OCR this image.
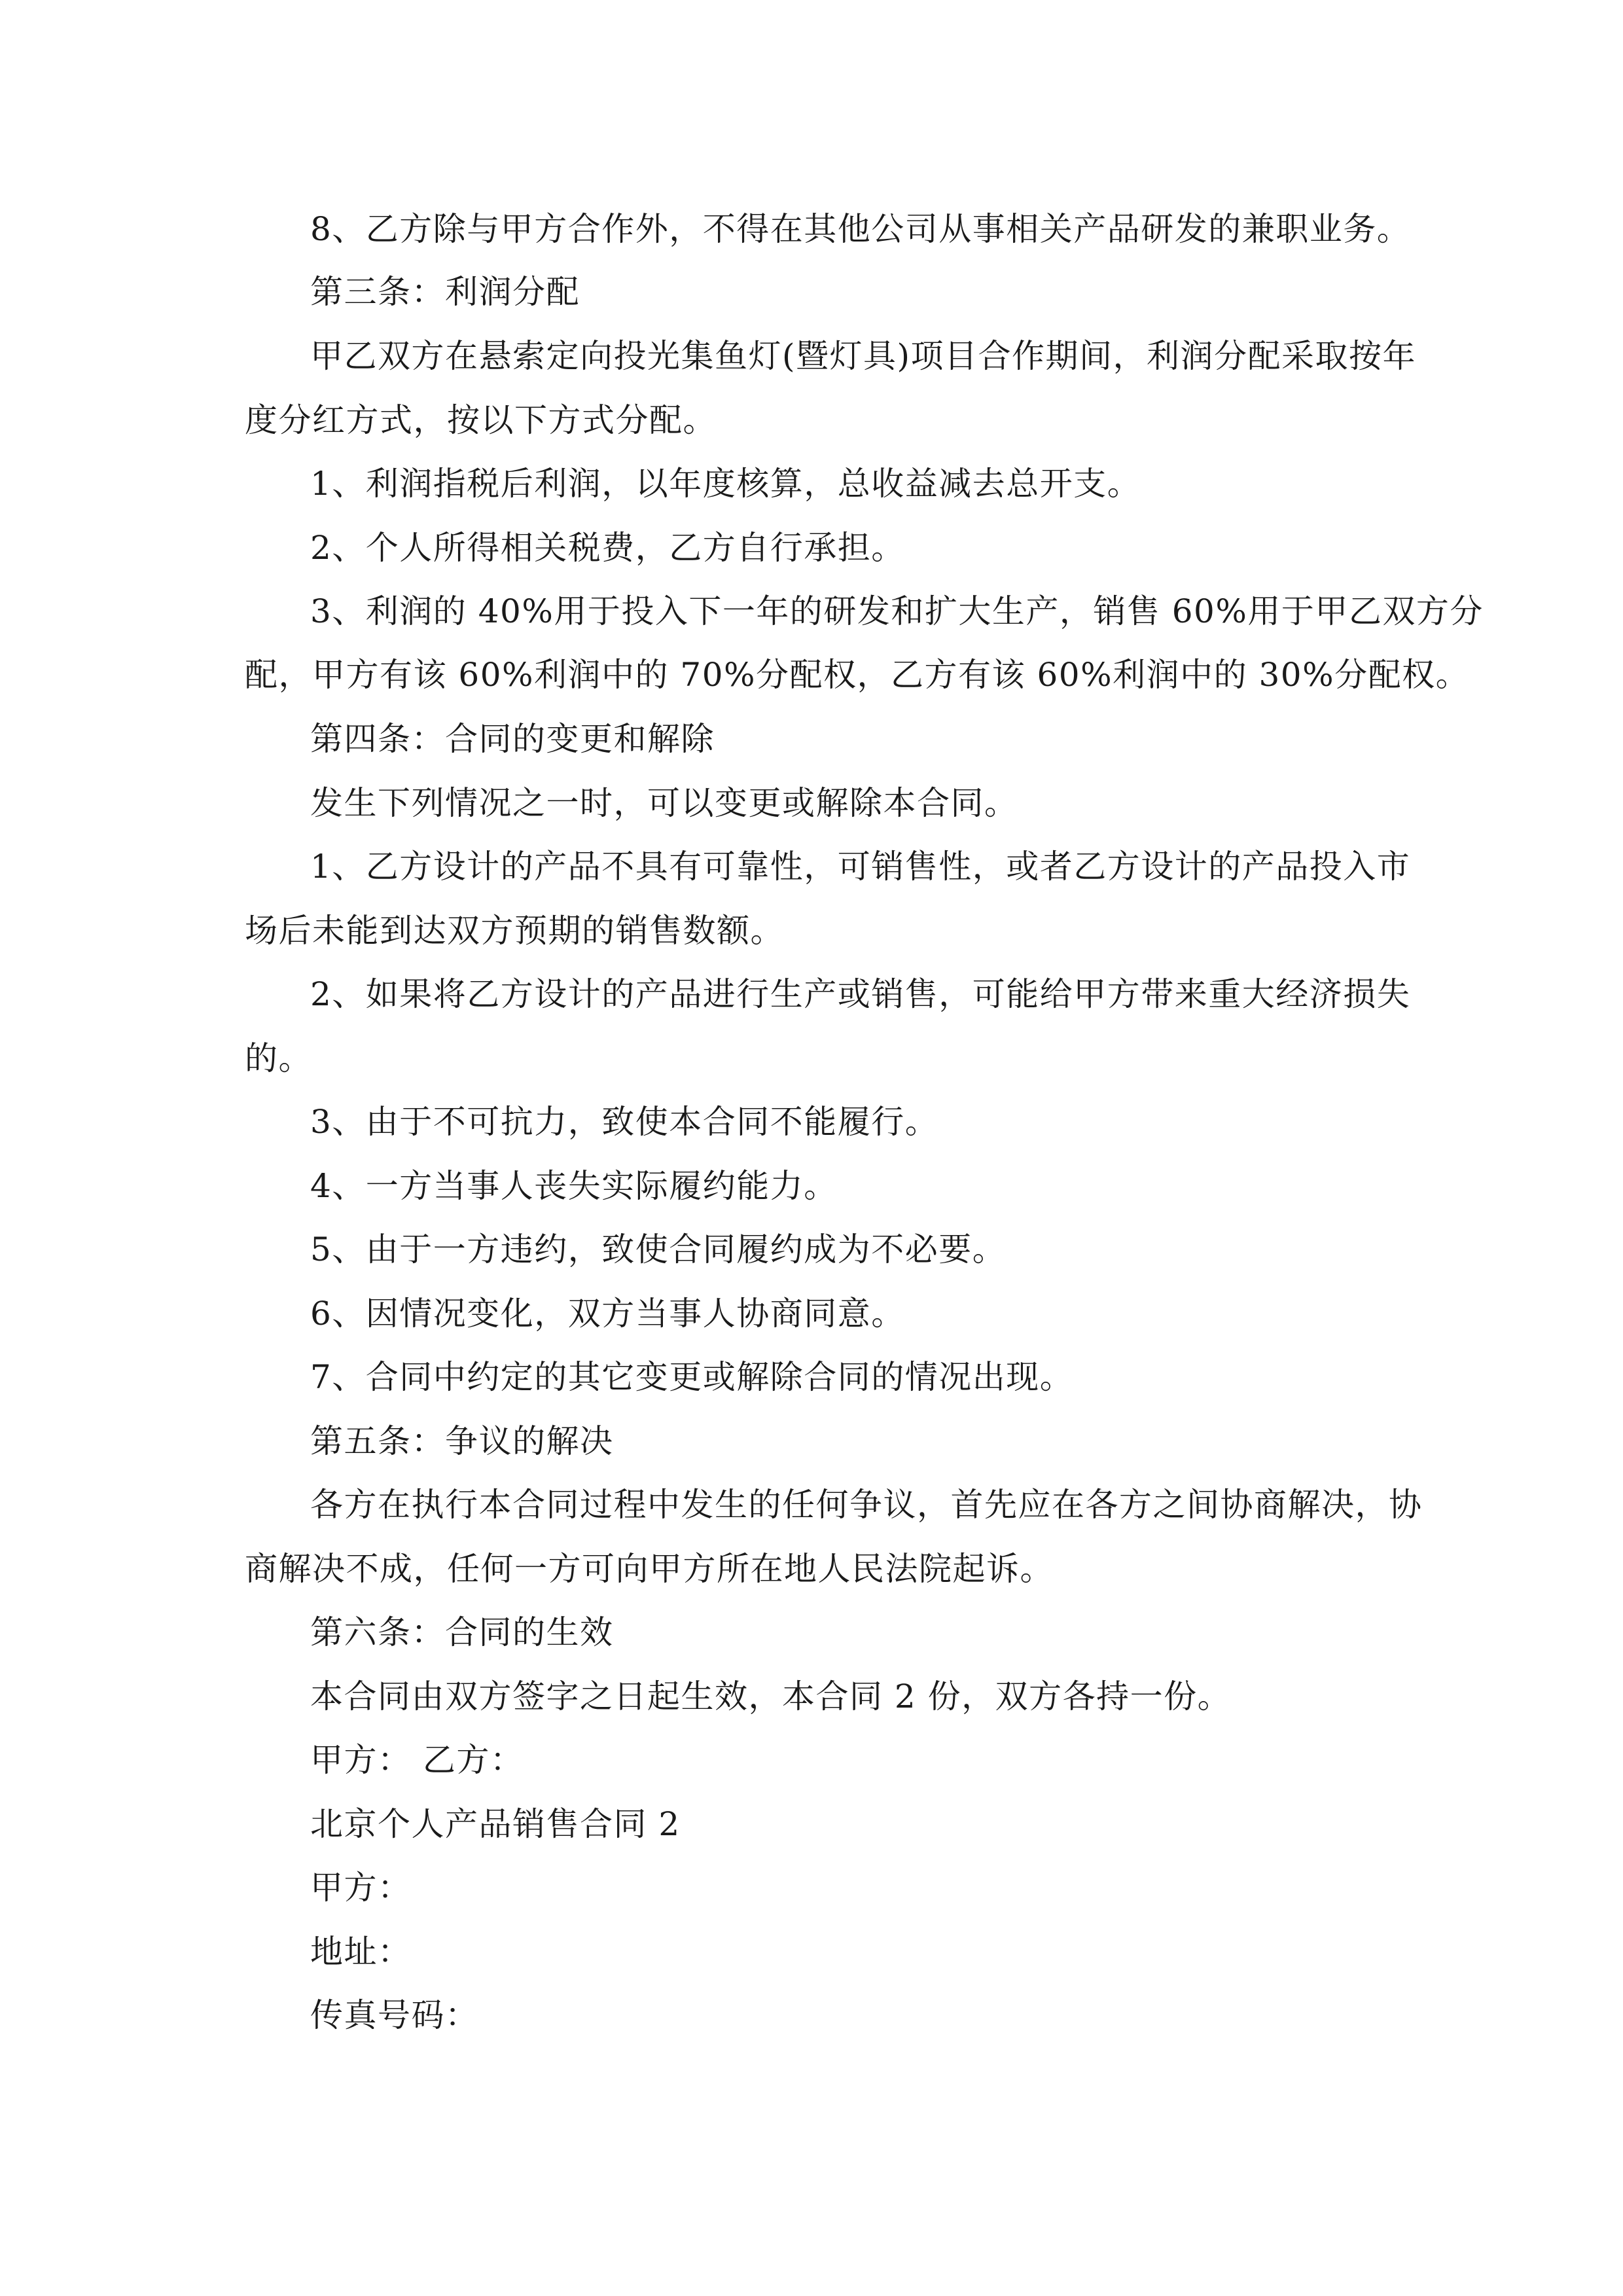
8、乙方除与甲方合作外，不得在其他公司从事相关产品研发的兼职业务。

第三条：利润分配

甲乙双方在悬索定向投光集鱼灯(暨灯具)项目合作期间，利润分配采取按年

度分红方式，按以下方式分配。

1、利润指税后利润，以年度核算，总收益减去总开支。

2、个人所得相关税费，乙方自行承担。

3、利润的 40%用于投入下一年的研发和扩大生产，销售 60%用于甲乙双方分

配，甲方有该 60%利润中的 70%分配权，乙方有该 60%利润中的 30%分配权。

第四条：合同的变更和解除

发生下列情况之一时，可以变更或解除本合同。

1、乙方设计的产品不具有可靠性，可销售性，或者乙方设计的产品投入市

场后未能到达双方预期的销售数额。

2、如果将乙方设计的产品进行生产或销售，可能给甲方带来重大经济损失

的。

3、由于不可抗力，致使本合同不能履行。

4、一方当事人丧失实际履约能力。

5、由于一方违约，致使合同履约成为不必要。

6、因情况变化，双方当事人协商同意。

7、合同中约定的其它变更或解除合同的情况出现。

第五条：争议的解决

各方在执行本合同过程中发生的任何争议，首先应在各方之间协商解决，协

商解决不成，任何一方可向甲方所在地人民法院起诉。

第六条：合同的生效

本合同由双方签字之日起生效，本合同 2 份，双方各持一份。

甲方： 乙方：

北京个人产品销售合同 2

甲方：

地址：

传真号码：
